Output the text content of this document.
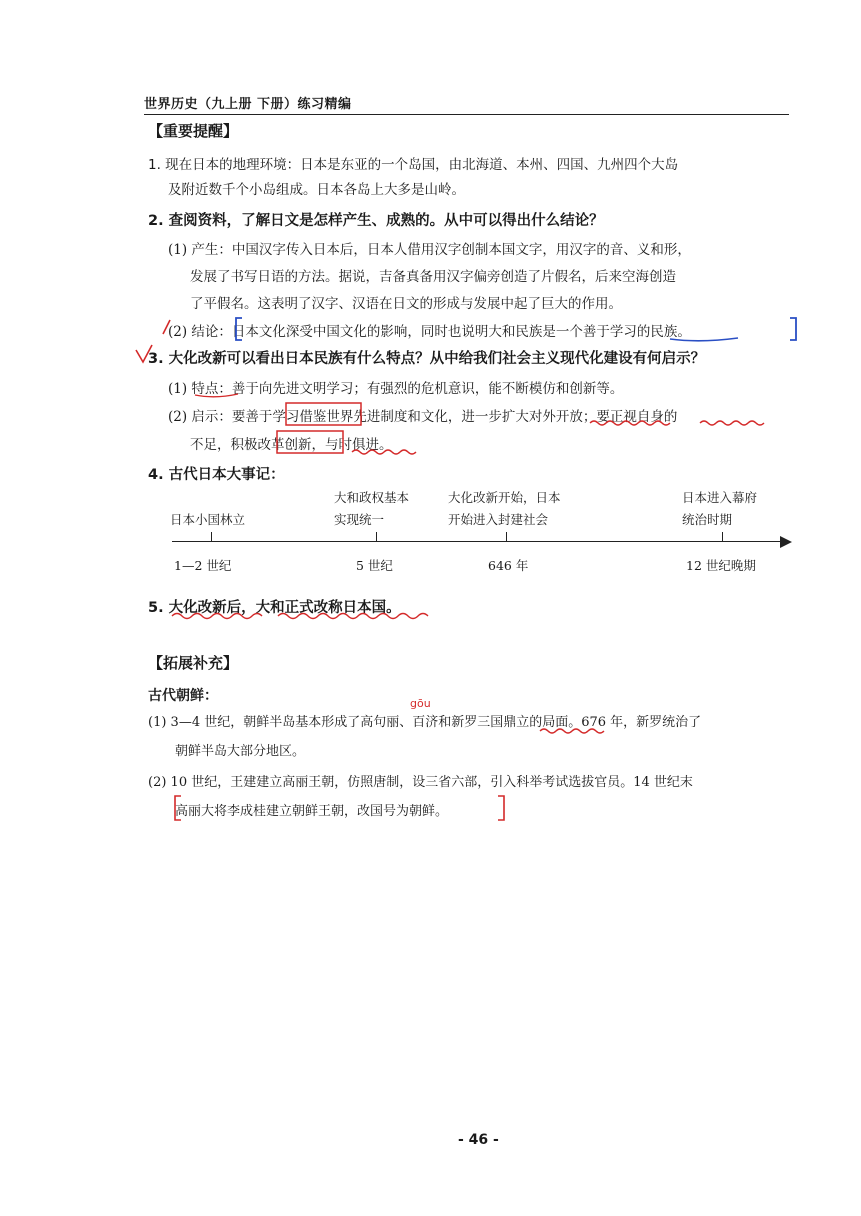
世界历史（九上册 下册）练习精编
【重要提醒】
1. 现在日本的地理环境：日本是东亚的一个岛国，由北海道、本州、四国、九州四个大岛
及附近数千个小岛组成。日本各岛上大多是山岭。
2. 查阅资料，了解日文是怎样产生、成熟的。从中可以得出什么结论？
(1) 产生：中国汉字传入日本后，日本人借用汉字创制本国文字，用汉字的音、义和形，
发展了书写日语的方法。据说，吉备真备用汉字偏旁创造了片假名，后来空海创造
了平假名。这表明了汉字、汉语在日文的形成与发展中起了巨大的作用。
(2) 结论：日本文化深受中国文化的影响，同时也说明大和民族是一个善于学习的民族。
3. 大化改新可以看出日本民族有什么特点？从中给我们社会主义现代化建设有何启示？
(1) 特点：善于向先进文明学习；有强烈的危机意识，能不断模仿和创新等。
(2) 启示：要善于学习借鉴世界先进制度和文化，进一步扩大对外开放；要正视自身的
不足，积极改革创新，与时俱进。
4. 古代日本大事记：
日本小国林立
大和政权基本
实现统一
大化改新开始，日本
开始进入封建社会
日本进入幕府
统治时期
1—2 世纪	5 世纪	646 年	12 世纪晚期
5. 大化改新后，大和正式改称日本国。
【拓展补充】
古代朝鲜：	gōu
(1) 3—4 世纪，朝鲜半岛基本形成了高句丽、百济和新罗三国鼎立的局面。676 年，新罗统治了
朝鲜半岛大部分地区。
(2) 10 世纪，王建建立高丽王朝，仿照唐制，设三省六部，引入科举考试选拔官员。14 世纪末
高丽大将李成桂建立朝鲜王朝，改国号为朝鲜。
- 46 -
